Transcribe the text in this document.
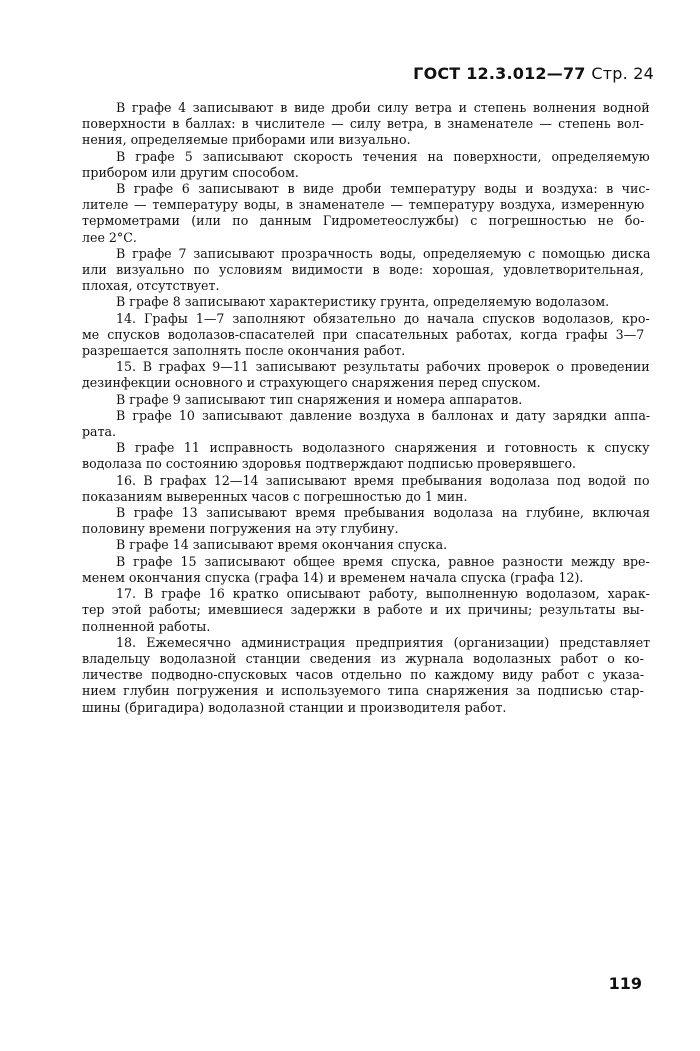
ГОСТ 12.3.012—77 Стр. 24
В графе 4 записывают в виде дроби силу ветра и степень волнения водной
поверхности в баллах: в числителе — силу ветра, в знаменателе — степень вол-
нения, определяемые приборами или визуально.
В графе 5 записывают скорость течения на поверхности, определяемую
прибором или другим способом.
В графе 6 записывают в виде дроби температуру воды и воздуха: в чис-
лителе — температуру воды, в знаменателе — температуру воздуха, измеренную
термометрами (или по данным Гидрометеослужбы) с погрешностью не бо-
лее 2°С.
В графе 7 записывают прозрачность воды, определяемую с помощью диска
или визуально по условиям видимости в воде: хорошая, удовлетворительная,
плохая, отсутствует.
В графе 8 записывают характеристику грунта, определяемую водолазом.
14. Графы 1—7 заполняют обязательно до начала спусков водолазов, кро-
ме спусков водолазов-спасателей при спасательных работах, когда графы 3—7
разрешается заполнять после окончания работ.
15. В графах 9—11 записывают результаты рабочих проверок о проведении
дезинфекции основного и страхующего снаряжения перед спуском.
В графе 9 записывают тип снаряжения и номера аппаратов.
В графе 10 записывают давление воздуха в баллонах и дату зарядки аппа-
рата.
В графе 11 исправность водолазного снаряжения и готовность к спуску
водолаза по состоянию здоровья подтверждают подписью проверявшего.
16. В графах 12—14 записывают время пребывания водолаза под водой по
показаниям выверенных часов с погрешностью до 1 мин.
В графе 13 записывают время пребывания водолаза на глубине, включая
половину времени погружения на эту глубину.
В графе 14 записывают время окончания спуска.
В графе 15 записывают общее время спуска, равное разности между вре-
менем окончания спуска (графа 14) и временем начала спуска (графа 12).
17. В графе 16 кратко описывают работу, выполненную водолазом, харак-
тер этой работы; имевшиеся задержки в работе и их причины; результаты вы-
полненной работы.
18. Ежемесячно администрация предприятия (организации) представляет
владельцу водолазной станции сведения из журнала водолазных работ о ко-
личестве подводно-спусковых часов отдельно по каждому виду работ с указа-
нием глубин погружения и используемого типа снаряжения за подписью стар-
шины (бригадира) водолазной станции и производителя работ.
119
